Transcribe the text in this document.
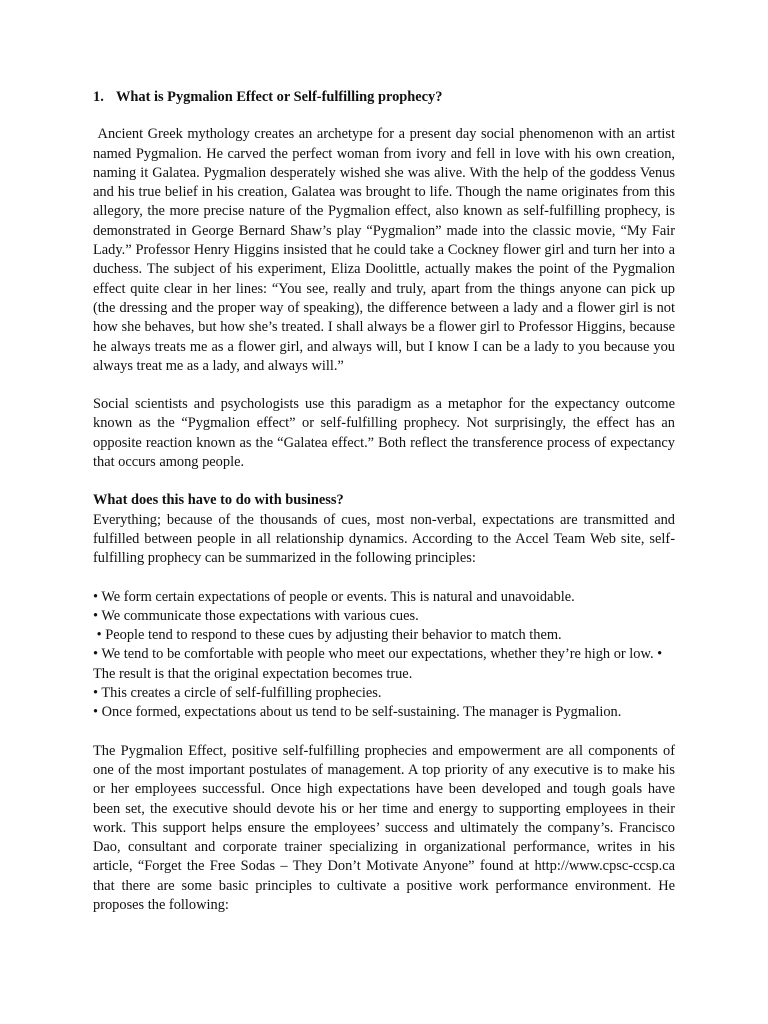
1. What is Pygmalion Effect or Self-fulfilling prophecy?

Ancient Greek mythology creates an archetype for a present day social phenomenon with an artist named Pygmalion. He carved the perfect woman from ivory and fell in love with his own creation, naming it Galatea. Pygmalion desperately wished she was alive. With the help of the goddess Venus and his true belief in his creation, Galatea was brought to life. Though the name originates from this allegory, the more precise nature of the Pygmalion effect, also known as self-fulfilling prophecy, is demonstrated in George Bernard Shaw’s play “Pygmalion” made into the classic movie, “My Fair Lady.” Professor Henry Higgins insisted that he could take a Cockney flower girl and turn her into a duchess. The subject of his experiment, Eliza Doolittle, actually makes the point of the Pygmalion effect quite clear in her lines: “You see, really and truly, apart from the things anyone can pick up (the dressing and the proper way of speaking), the difference between a lady and a flower girl is not how she behaves, but how she’s treated. I shall always be a flower girl to Professor Higgins, because he always treats me as a flower girl, and always will, but I know I can be a lady to you because you always treat me as a lady, and always will.”

Social scientists and psychologists use this paradigm as a metaphor for the expectancy outcome known as the “Pygmalion effect” or self-fulfilling prophecy. Not surprisingly, the effect has an opposite reaction known as the “Galatea effect.” Both reflect the transference process of expectancy that occurs among people.

What does this have to do with business?

Everything; because of the thousands of cues, most non-verbal, expectations are transmitted and fulfilled between people in all relationship dynamics. According to the Accel Team Web site, self-fulfilling prophecy can be summarized in the following principles:

• We form certain expectations of people or events. This is natural and unavoidable.
• We communicate those expectations with various cues.
• People tend to respond to these cues by adjusting their behavior to match them.
• We tend to be comfortable with people who meet our expectations, whether they’re high or low. • The result is that the original expectation becomes true.
• This creates a circle of self-fulfilling prophecies.
• Once formed, expectations about us tend to be self-sustaining. The manager is Pygmalion.

The Pygmalion Effect, positive self-fulfilling prophecies and empowerment are all components of one of the most important postulates of management. A top priority of any executive is to make his or her employees successful. Once high expectations have been developed and tough goals have been set, the executive should devote his or her time and energy to supporting employees in their work. This support helps ensure the employees’ success and ultimately the company’s. Francisco Dao, consultant and corporate trainer specializing in organizational performance, writes in his article, “Forget the Free Sodas – They Don’t Motivate Anyone” found at http://www.cpsc-ccsp.ca that there are some basic principles to cultivate a positive work performance environment. He proposes the following:
